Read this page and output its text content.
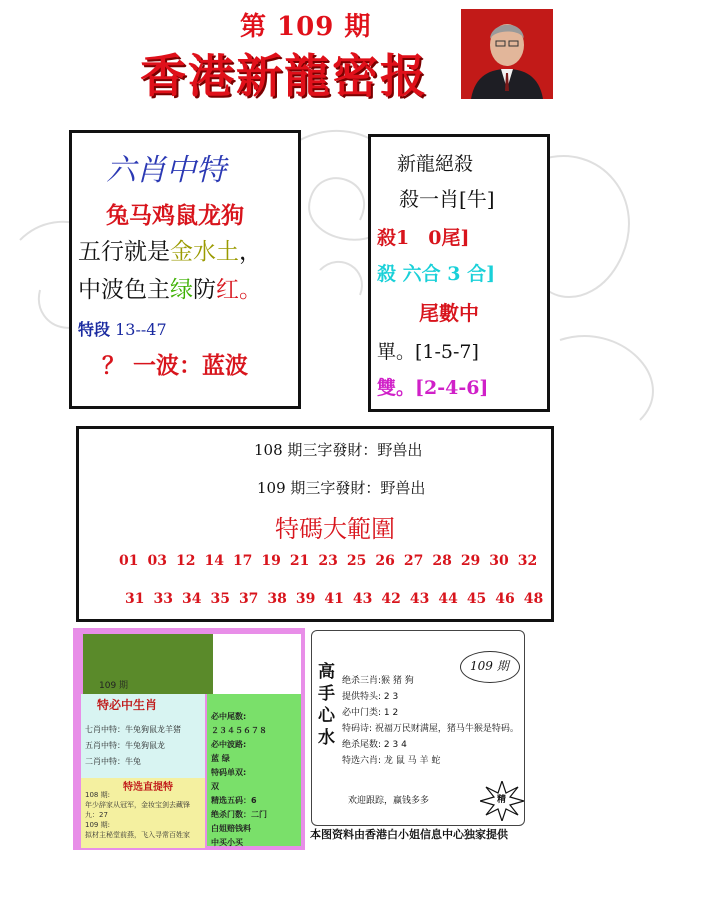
第 109 期
香港新龍密报
六肖中特
兔马鸡鼠龙狗
五行就是金水土，
中波色主绿防红。
特段 13--47
？ 一波：蓝波
新龍絕殺
殺一肖[牛]
殺1　0尾]
殺 六合 3 合]
尾數中
單。[1-5-7]
雙。[2-4-6]
108 期三字發財：野兽出
109 期三字發財：野兽出
特碼大範圍
01 03 12 14 17 19 21 23 25 26 27 28 29 30 32
31 33 34 35 37 38 39 41 43 42 43 44 45 46 48
109 期
特必中生肖
七肖中特：牛兔狗鼠龙羊猪
五肖中特：牛兔狗鼠龙
二肖中特：牛兔
特选直提特
108 期:
年少辞家从冠军，金妆宝剑去藏锋
九：27
109 期:
拟材主秘堂前燕，飞入寻常百姓家
必中尾数:
２３４５６７８
必中波路:
蓝 绿
特码单双:
双
精选五码：6
绝杀门数：二门
白姐赔钱料
中买小买
高
手
心
水
109 期
绝杀三肖:猴 猪 狗
提供特头: 2 3
必中门类: 1 2
特码诗: 祝福万民财满屋，猪马牛猴是特码。
绝杀尾数: 2 3 4
特选六肖: 龙 鼠 马 羊 蛇
欢迎跟踪，赢钱多多	精
本图资料由香港白小姐信息中心独家提供
